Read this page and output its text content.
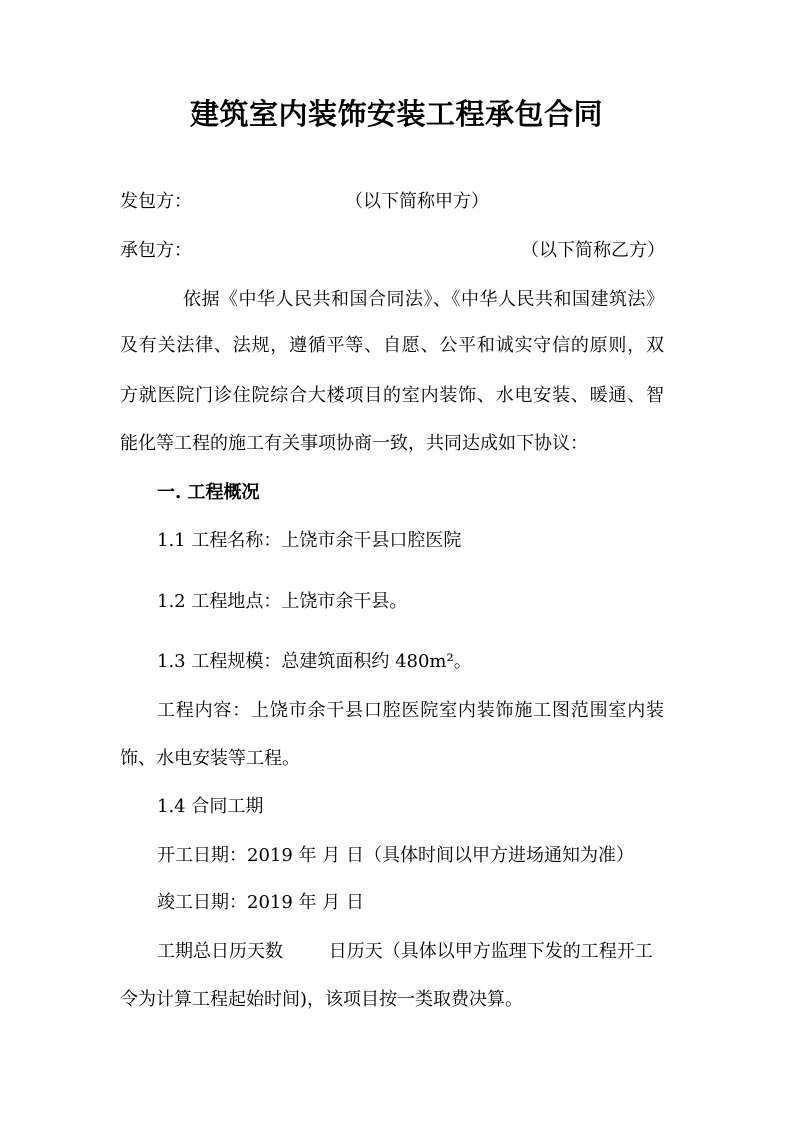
建筑室内装饰安装工程承包合同
发包方：	（以下简称甲方）
承包方：	（以下简称乙方）
依据《中华人民共和国合同法》、《中华人民共和国建筑法》
及有关法律、法规，遵循平等、自愿、公平和诚实守信的原则，双
方就医院门诊住院综合大楼项目的室内装饰、水电安装、暖通、智
能化等工程的施工有关事项协商一致，共同达成如下协议：
一. 工程概况
1.1 工程名称：上饶市余干县口腔医院
1.2 工程地点：上饶市余干县。
1.3 工程规模：总建筑面积约 480m²。
工程内容：上饶市余干县口腔医院室内装饰施工图范围室内装
饰、水电安装等工程。
1.4 合同工期
开工日期：2019 年 月 日（具体时间以甲方进场通知为准）
竣工日期：2019 年 月 日
工期总日历天数        日历天（具体以甲方监理下发的工程开工
令为计算工程起始时间)，该项目按一类取费决算。
